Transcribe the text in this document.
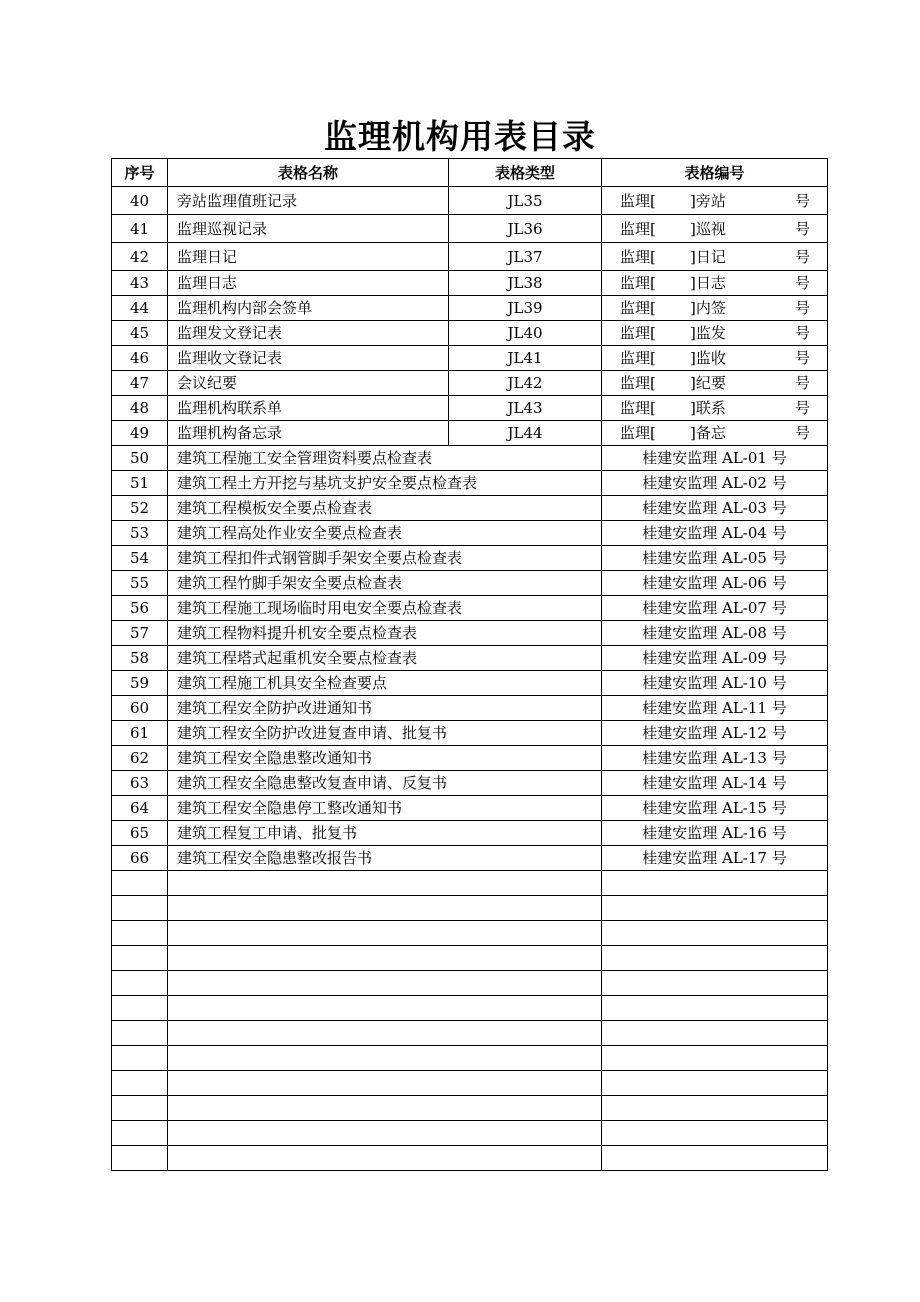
监理机构用表目录
序号	表格名称	表格类型	表格编号
40	旁站监理值班记录	JL35	监理[ ]旁站 号

41	监理巡视记录	JL36	监理[ ]巡视 号

42	监理日记	JL37	监理[ ]日记 号

43	监理日志	JL38	监理[ ]日志 号

44	监理机构内部会签单	JL39	监理[ ]内签 号

45	监理发文登记表	JL40	监理[ ]监发 号

46	监理收文登记表	JL41	监理[ ]监收 号

47	会议纪要	JL42	监理[ ]纪要 号

48	监理机构联系单	JL43	监理[ ]联系 号

49	监理机构备忘录	JL44	监理[ ]备忘 号

50	建筑工程施工安全管理资料要点检查表		桂建安监理 AL-01 号
51	建筑工程土方开挖与基坑支护安全要点检查表		桂建安监理 AL-02 号
52	建筑工程模板安全要点检查表		桂建安监理 AL-03 号
53	建筑工程高处作业安全要点检查表		桂建安监理 AL-04 号
54	建筑工程扣件式钢管脚手架安全要点检查表		桂建安监理 AL-05 号
55	建筑工程竹脚手架安全要点检查表		桂建安监理 AL-06 号
56	建筑工程施工现场临时用电安全要点检查表		桂建安监理 AL-07 号
57	建筑工程物料提升机安全要点检查表		桂建安监理 AL-08 号
58	建筑工程塔式起重机安全要点检查表		桂建安监理 AL-09 号
59	建筑工程施工机具安全检查要点		桂建安监理 AL-10 号
60	建筑工程安全防护改进通知书		桂建安监理 AL-11 号
61	建筑工程安全防护改进复查申请、批复书		桂建安监理 AL-12 号
62	建筑工程安全隐患整改通知书		桂建安监理 AL-13 号
63	建筑工程安全隐患整改复查申请、反复书		桂建安监理 AL-14 号
64	建筑工程安全隐患停工整改通知书		桂建安监理 AL-15 号
65	建筑工程复工申请、批复书		桂建安监理 AL-16 号
66	建筑工程安全隐患整改报告书		桂建安监理 AL-17 号
